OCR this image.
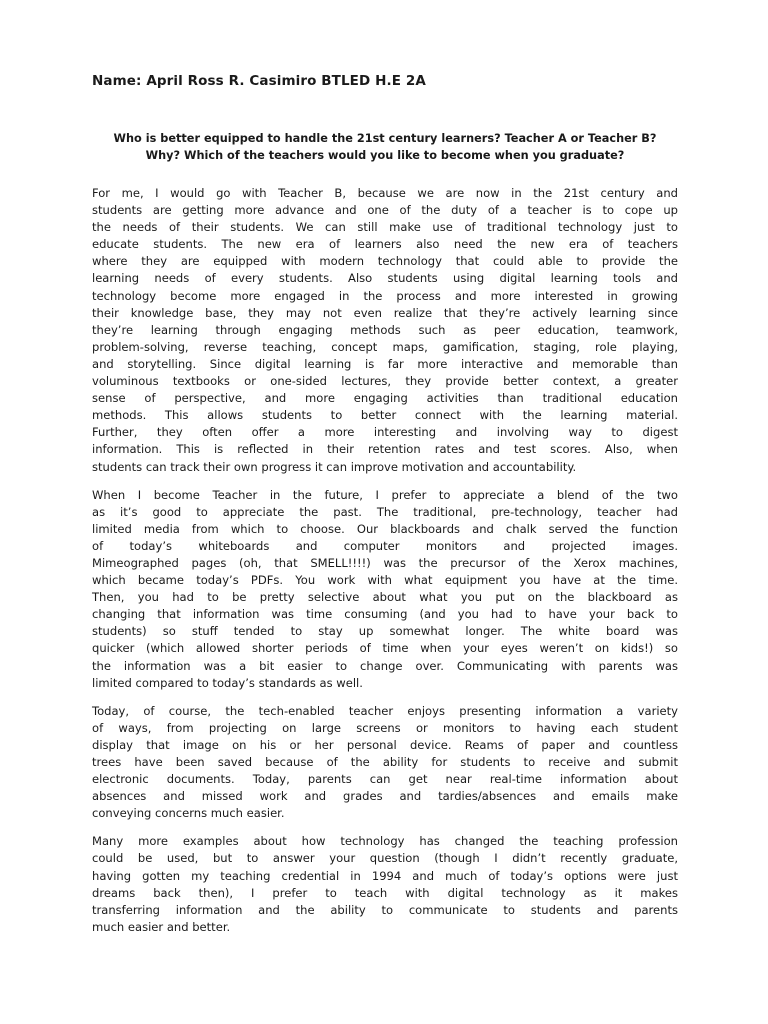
Name: April Ross R. Casimiro BTLED H.E 2A
Who is better equipped to handle the 21st century learners? Teacher A or Teacher B?
Why? Which of the teachers would you like to become when you graduate?

For me, I would go with Teacher B, because we are now in the 21st century and
students are getting more advance and one of the duty of a teacher is to cope up
the needs of their students. We can still make use of traditional technology just to
educate students. The new era of learners also need the new era of teachers
where they are equipped with modern technology that could able to provide the
learning needs of every students. Also students using digital learning tools and
technology become more engaged in the process and more interested in growing
their knowledge base, they may not even realize that they’re actively learning since
they’re learning through engaging methods such as peer education, teamwork,
problem-solving, reverse teaching, concept maps, gamification, staging, role playing,
and storytelling. Since digital learning is far more interactive and memorable than
voluminous textbooks or one-sided lectures, they provide better context, a greater
sense of perspective, and more engaging activities than traditional education
methods. This allows students to better connect with the learning material.
Further, they often offer a more interesting and involving way to digest
information. This is reflected in their retention rates and test scores. Also, when
students can track their own progress it can improve motivation and accountability.

When I become Teacher in the future, I prefer to appreciate a blend of the two
as it’s good to appreciate the past. The traditional, pre-technology, teacher had
limited media from which to choose. Our blackboards and chalk served the function
of today’s whiteboards and computer monitors and projected images.
Mimeographed pages (oh, that SMELL!!!!) was the precursor of the Xerox machines,
which became today’s PDFs. You work with what equipment you have at the time.
Then, you had to be pretty selective about what you put on the blackboard as
changing that information was time consuming (and you had to have your back to
students) so stuff tended to stay up somewhat longer. The white board was
quicker (which allowed shorter periods of time when your eyes weren’t on kids!) so
the information was a bit easier to change over. Communicating with parents was
limited compared to today’s standards as well.

Today, of course, the tech-enabled teacher enjoys presenting information a variety
of ways, from projecting on large screens or monitors to having each student
display that image on his or her personal device. Reams of paper and countless
trees have been saved because of the ability for students to receive and submit
electronic documents. Today, parents can get near real-time information about
absences and missed work and grades and tardies/absences and emails make
conveying concerns much easier.

Many more examples about how technology has changed the teaching profession
could be used, but to answer your question (though I didn’t recently graduate,
having gotten my teaching credential in 1994 and much of today’s options were just
dreams back then), I prefer to teach with digital technology as it makes
transferring information and the ability to communicate to students and parents
much easier and better.
